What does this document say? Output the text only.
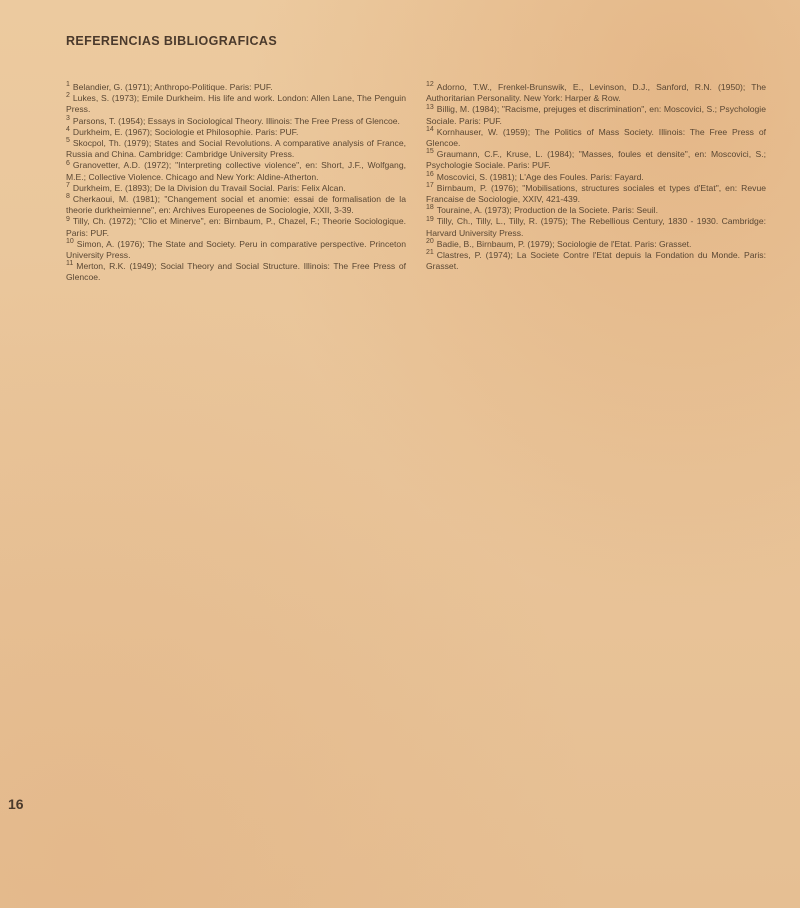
REFERENCIAS BIBLIOGRAFICAS

$^1$ Belandier, G. (1971); Anthropo-Politique. Paris: PUF.

$^2$ Lukes, S. (1973); Emile Durkheim. His life and work. London: Allen Lane, The Penguin Press.

$^3$ Parsons, T. (1954); Essays in Sociological Theory. Illinois: The Free Press of Glencoe.

$^4$ Durkheim, E. (1967); Sociologie et Philosophie. Paris: PUF.

$^5$ Skocpol, Th. (1979); States and Social Revolutions. A comparative analysis of France, Russia and China. Cambridge: Cambridge University Press.

$^6$ Granovetter, A.D. (1972); "Interpreting collective violence", en: Short, J.F., Wolfgang, M.E.; Collective Violence. Chicago and New York: Aldine-Atherton.

$^7$ Durkheim, E. (1893); De la Division du Travail Social. Paris: Felix Alcan.

$^8$ Cherkaoui, M. (1981); "Changement social et anomie: essai de formalisation de la theorie durkheimienne", en: Archives Europeenes de Sociologie, XXII, 3-39.

$^9$ Tilly, Ch. (1972); "Clio et Minerve", en: Birnbaum, P., Chazel, F.; Theorie Sociologique. Paris: PUF.

$^{10}$ Simon, A. (1976); The State and Society. Peru in comparative perspective. Princeton University Press.

$^{11}$ Merton, R.K. (1949); Social Theory and Social Structure. Illinois: The Free Press of Glencoe.

$^{12}$ Adorno, T.W., Frenkel-Brunswik, E., Levinson, D.J., Sanford, R.N. (1950); The Authoritarian Personality. New York: Harper & Row.

$^{13}$ Billig, M. (1984); "Racisme, prejuges et discrimination", en: Moscovici, S.; Psychologie Sociale. Paris: PUF.

$^{14}$ Kornhauser, W. (1959); The Politics of Mass Society. Illinois: The Free Press of Glencoe.

$^{15}$ Graumann, C.F., Kruse, L. (1984); "Masses, foules et densite", en: Moscovici, S.; Psychologie Sociale. Paris: PUF.

$^{16}$ Moscovici, S. (1981); L'Age des Foules. Paris: Fayard.

$^{17}$ Birnbaum, P. (1976); "Mobilisations, structures sociales et types d'Etat", en: Revue Francaise de Sociologie, XXIV, 421-439.

$^{18}$ Touraine, A. (1973); Production de la Societe. Paris: Seuil.

$^{19}$ Tilly, Ch., Tilly, L., Tilly, R. (1975); The Rebellious Century, 1830 - 1930. Cambridge: Harvard University Press.

$^{20}$ Badie, B., Birnbaum, P. (1979); Sociologie de l'Etat. Paris: Grasset.

$^{21}$ Clastres, P. (1974); La Societe Contre l'Etat depuis la Fondation du Monde. Paris: Grasset.

16
